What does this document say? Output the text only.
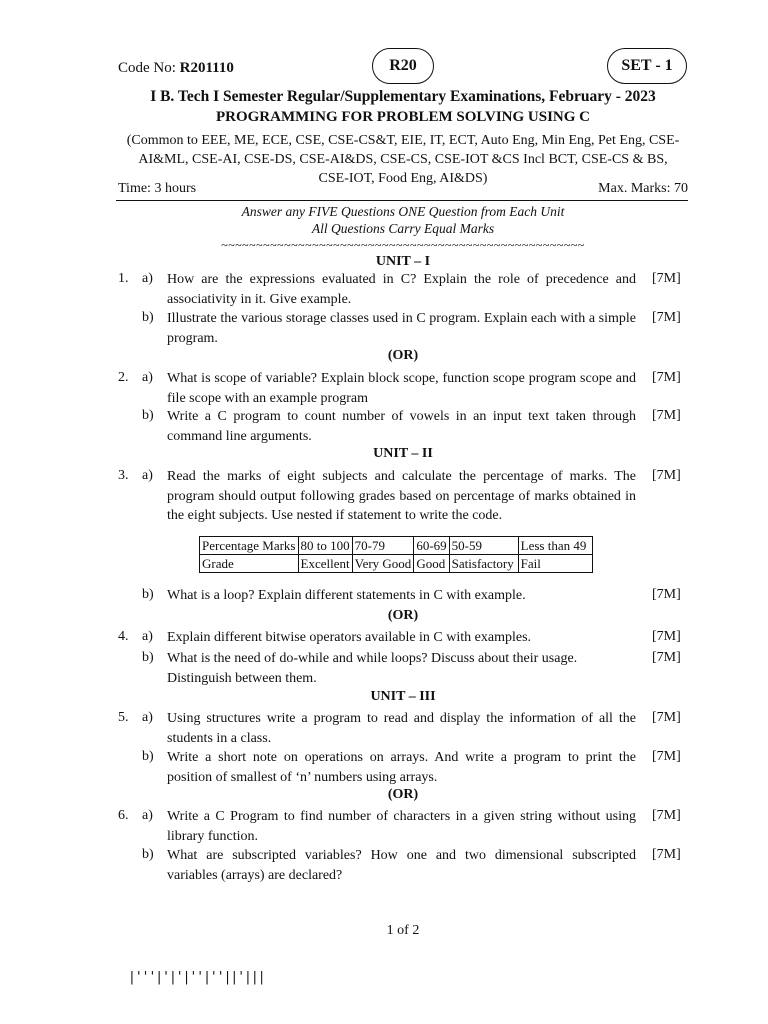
Code No: R201110	R20	SET - 1
I B. Tech I Semester Regular/Supplementary Examinations, February - 2023
PROGRAMMING FOR PROBLEM SOLVING USING C
(Common to EEE, ME, ECE, CSE, CSE-CS&T, EIE, IT, ECT, Auto Eng, Min Eng, Pet Eng, CSE-
AI&ML, CSE-AI, CSE-DS, CSE-AI&DS, CSE-CS, CSE-IOT &CS Incl BCT, CSE-CS & BS,
CSE-IOT, Food Eng, AI&DS)
Time: 3 hours	Max. Marks: 70
Answer any FIVE Questions ONE Question from Each Unit
All Questions Carry Equal Marks
~~~~~~~~~~~~~~~~~~~~~~~~~~~~~~~~~~~~~~~~~~~~~~~~~~~~
UNIT – I
1. a) How are the expressions evaluated in C? Explain the role of precedence and associativity in it. Give example.
[7M]
b) Illustrate the various storage classes used in C program. Explain each with a simple program.
[7M]
(OR)
2. a) What is scope of variable? Explain block scope, function scope program scope and file scope with an example program
[7M]
b) Write a C program to count number of vowels in an input text taken through command line arguments.
[7M]
UNIT – II
3. a) Read the marks of eight subjects and calculate the percentage of marks. The program should output following grades based on percentage of marks obtained in the eight subjects. Use nested if statement to write the code.
[7M]
Percentage Marks	80 to 100	70-79	60-69	50-59	Less than 49
Grade	Excellent	Very Good	Good	Satisfactory	Fail
b) What is a loop? Explain different statements in C with example.	[7M]
(OR)
4. a) Explain different bitwise operators available in C with examples.	[7M]
b) What is the need of do-while and while loops? Discuss about their usage. Distinguish between them.
[7M]
UNIT – III
5. a) Using structures write a program to read and display the information of all the students in a class.
[7M]
b) Write a short note on operations on arrays. And write a program to print the position of smallest of ‘n’ numbers using arrays.
[7M]
(OR)
6. a) Write a C Program to find number of characters in a given string without using library function.
[7M]
b) What are subscripted variables? How one and two dimensional subscripted variables (arrays) are declared?
[7M]
1 of 2
|'''|'|'|''|''||'|||
